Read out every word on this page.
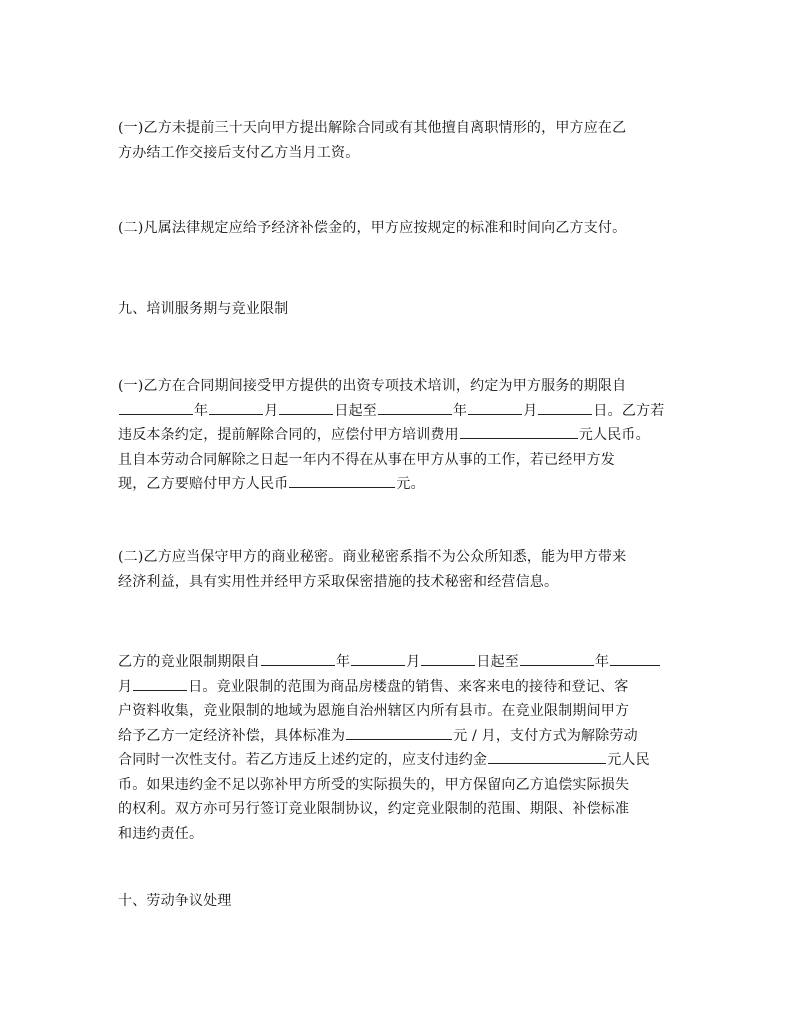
(一)乙方未提前三十天向甲方提出解除合同或有其他擅自离职情形的，甲方应在乙
方办结工作交接后支付乙方当月工资。

(二)凡属法律规定应给予经济补偿金的，甲方应按规定的标准和时间向乙方支付。

九、培训服务期与竞业限制

(一)乙方在合同期间接受甲方提供的出资专项技术培训，约定为甲方服务的期限自
年	月	日起至	年	月	日。乙方若
违反本条约定，提前解除合同的，应偿付甲方培训费用	元人民币。
且自本劳动合同解除之日起一年内不得在从事在甲方从事的工作，若已经甲方发
现，乙方要赔付甲方人民币	元。

(二)乙方应当保守甲方的商业秘密。商业秘密系指不为公众所知悉，能为甲方带来
经济利益，具有实用性并经甲方采取保密措施的技术秘密和经营信息。

乙方的竞业限制期限自	年	月	日起至	年
月	日。竞业限制的范围为商品房楼盘的销售、来客来电的接待和登记、客
户资料收集，竞业限制的地域为恩施自治州辖区内所有县市。在竞业限制期间甲方
给予乙方一定经济补偿，具体标准为	元 / 月，支付方式为解除劳动
合同时一次性支付。若乙方违反上述约定的，应支付违约金	元人民
币。如果违约金不足以弥补甲方所受的实际损失的，甲方保留向乙方追偿实际损失
的权利。双方亦可另行签订竞业限制协议，约定竞业限制的范围、期限、补偿标准
和违约责任。

十、劳动争议处理
